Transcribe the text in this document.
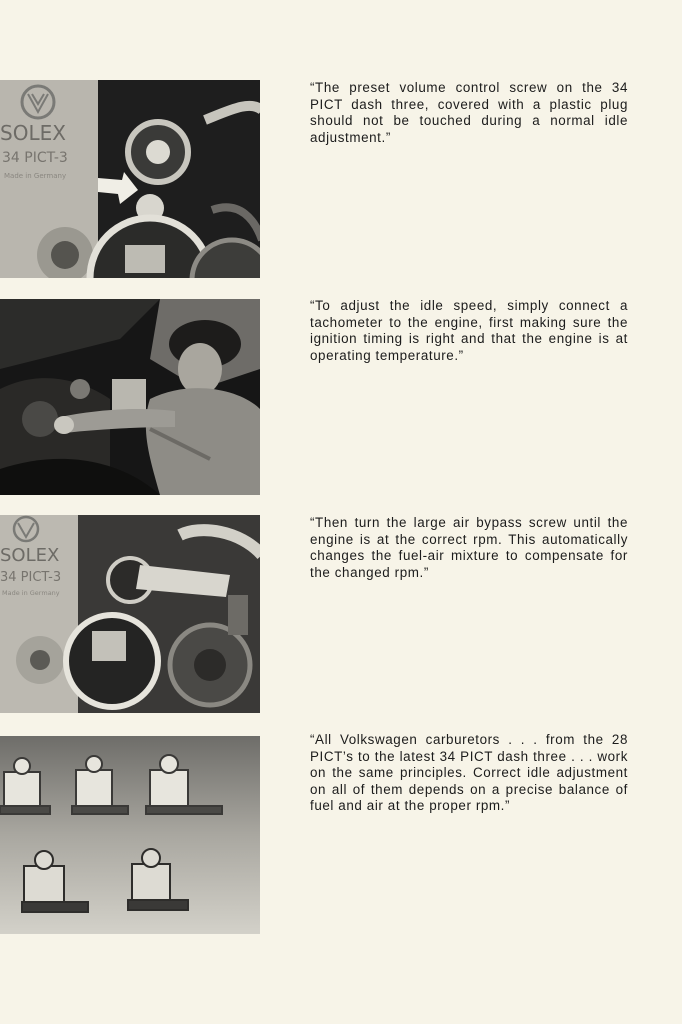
SOLEX
34 PICT-3
Made in Germany
“The preset volume control screw on the 34 PICT dash three, covered with a plastic plug should not be touched during a normal idle adjustment.”
“To adjust the idle speed, simply connect a tachometer to the engine, first making sure the ignition timing is right and that the engine is at operating temperature.”
SOLEX
34 PICT-3
Made in Germany
“Then turn the large air bypass screw until the engine is at the correct rpm. This automatically changes the fuel-air mixture to compensate for the changed rpm.”
“All Volkswagen carburetors . . . from the 28 PICT’s to the latest 34 PICT dash three . . . work on the same principles. Correct idle adjustment on all of them depends on a precise balance of fuel and air at the proper rpm.”
